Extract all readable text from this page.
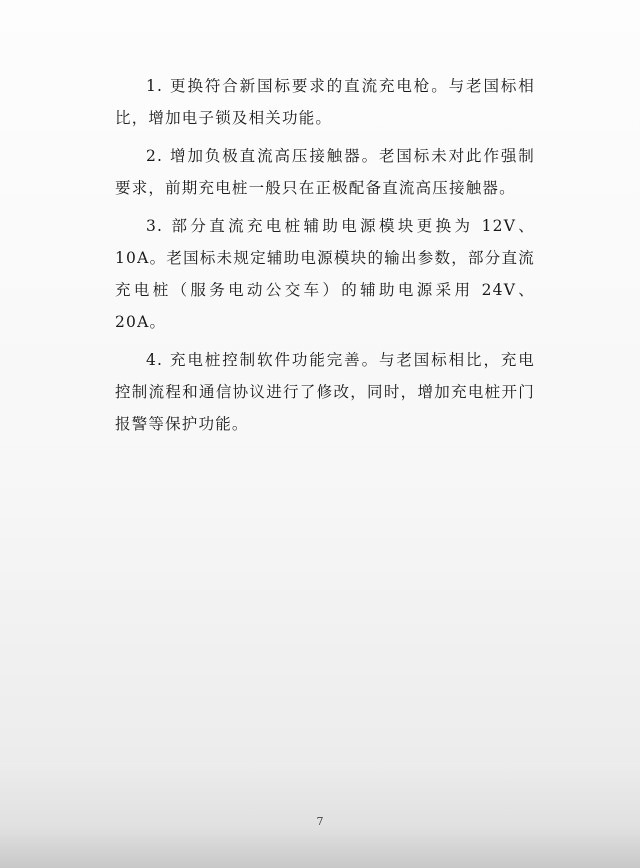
1. 更换符合新国标要求的直流充电枪。与老国标相比，增加电子锁及相关功能。

2. 增加负极直流高压接触器。老国标未对此作强制要求，前期充电桩一般只在正极配备直流高压接触器。

3. 部分直流充电桩辅助电源模块更换为 12V、10A。老国标未规定辅助电源模块的输出参数，部分直流充电桩（服务电动公交车）的辅助电源采用 24V、20A。

4. 充电桩控制软件功能完善。与老国标相比，充电控制流程和通信协议进行了修改，同时，增加充电桩开门报警等保护功能。

7
